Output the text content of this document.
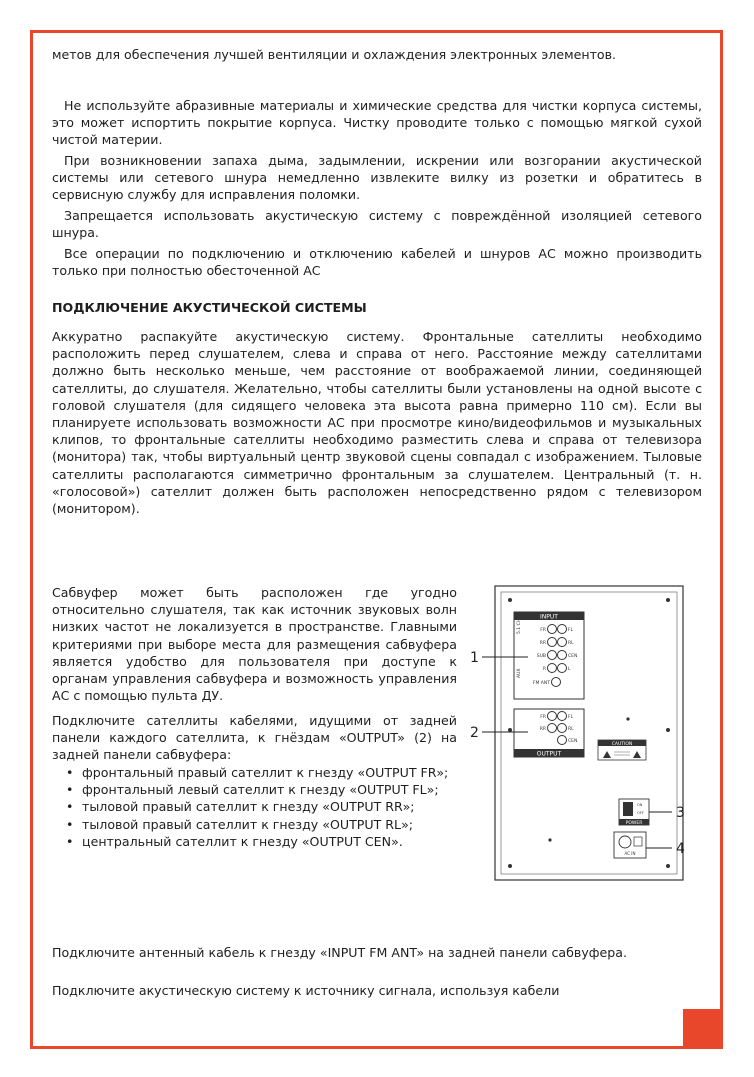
метов для обеспечения лучшей вентиляции и охлаждения электронных элементов.

Не используйте абразивные материалы и химические средства для чистки корпуса системы, это может испортить покрытие корпуса. Чистку проводите только с помощью мягкой сухой чистой материи.

При возникновении запаха дыма, задымлении, искрении или возгорании акустической системы или сетевого шнура немедленно извлеките вилку из розетки и обратитесь в сервисную службу для исправления поломки.

Запрещается использовать акустическую систему с повреждённой изоляцией сетевого шнура.

Все операции по подключению и отключению кабелей и шнуров АС можно производить только при полностью обесточенной АС

ПОДКЛЮЧЕНИЕ АКУСТИЧЕСКОЙ СИСТЕМЫ

Аккуратно распакуйте акустическую систему. Фронтальные сателлиты необходимо расположить перед слушателем, слева и справа от него. Расстояние между сателлитами должно быть несколько меньше, чем расстояние от воображаемой линии, соединяющей сателлиты, до слушателя. Желательно, чтобы сателлиты были установлены на одной высоте с головой слушателя (для сидящего человека эта высота равна примерно 110 см). Если вы планируете использовать возможности АС при просмотре кино/видеофильмов и музыкальных клипов, то фронтальные сателлиты необходимо разместить слева и справа от телевизора (монитора) так, чтобы виртуальный центр звуковой сцены совпадал с изображением. Тыловые сателлиты располагаются симметрично фронтальным за слушателем. Центральный (т. н. «голосовой») сателлит должен быть расположен непосредственно рядом с телевизором (монитором).

Сабвуфер может быть расположен где угодно относительно слушателя, так как источник звуковых волн низких частот не локализуется в пространстве. Главными критериями при выборе места для размещения сабвуфера является удобство для пользователя при доступе к органам управления сабвуфера и возможность управления АС с помощью пульта ДУ.

Подключите сателлиты кабелями, идущими от задней панели каждого сателлита, к гнёздам «OUTPUT» (2) на задней панели сабвуфера:

• фронтальный правый сателлит к гнезду «OUTPUT FR»;
• фронтальный левый сателлит к гнезду «OUTPUT FL»;
• тыловой правый сателлит к гнезду «OUTPUT RR»;
• тыловой правый сателлит к гнезду «OUTPUT RL»;
• центральный сателлит к гнезду «OUTPUT CEN».

Подключите антенный кабель к гнезду «INPUT FM ANT» на задней панели сабвуфера.

Подключите акустическую систему к источнику сигнала, используя кабели

INPUT
5.1 CH
AUX
FR
RR
SUB
R
FM ANT
FL
RL
CEN
L
OUTPUT
FR
RR
FL
RL
CEN
CAUTION
ON
OFF
POWER
AC IN
1
2
3
4
